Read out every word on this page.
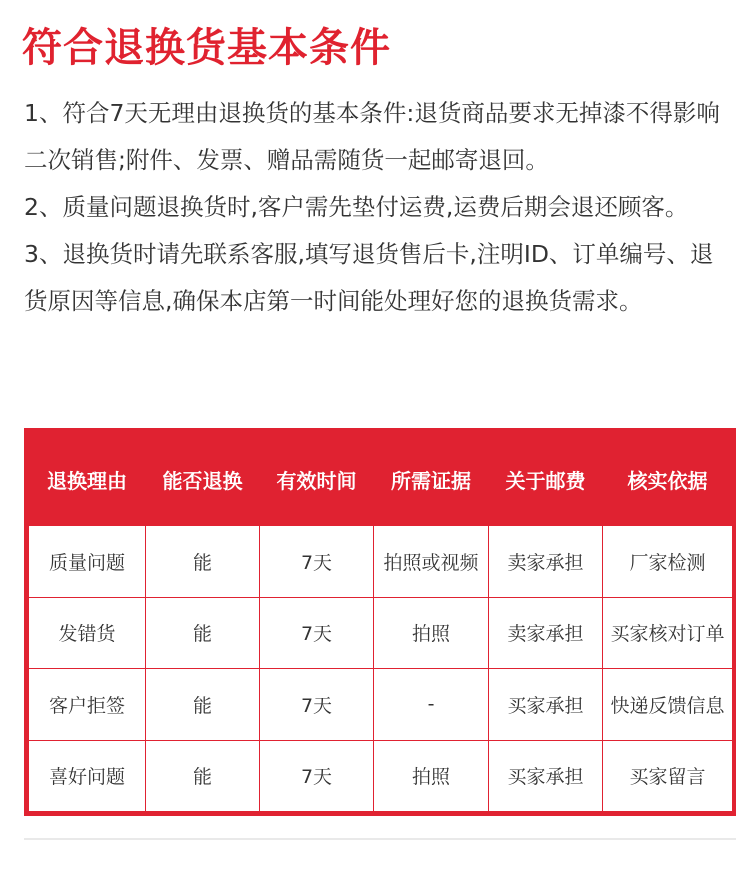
符合退换货基本条件

1、符合7天无理由退换货的基本条件:退货商品要求无掉漆不得影响二次销售;附件、发票、赠品需随货一起邮寄退回。

2、质量问题退换货时,客户需先垫付运费,运费后期会退还顾客。

3、退换货时请先联系客服,填写退货售后卡,注明ID、订单编号、退货原因等信息,确保本店第一时间能处理好您的退换货需求。

退换理由	能否退换	有效时间	所需证据	关于邮费	核实依据
质量问题	能	7天	拍照或视频	卖家承担	厂家检测
发错货	能	7天	拍照	卖家承担	买家核对订单
客户拒签	能	7天	-	买家承担	快递反馈信息
喜好问题	能	7天	拍照	买家承担	买家留言
